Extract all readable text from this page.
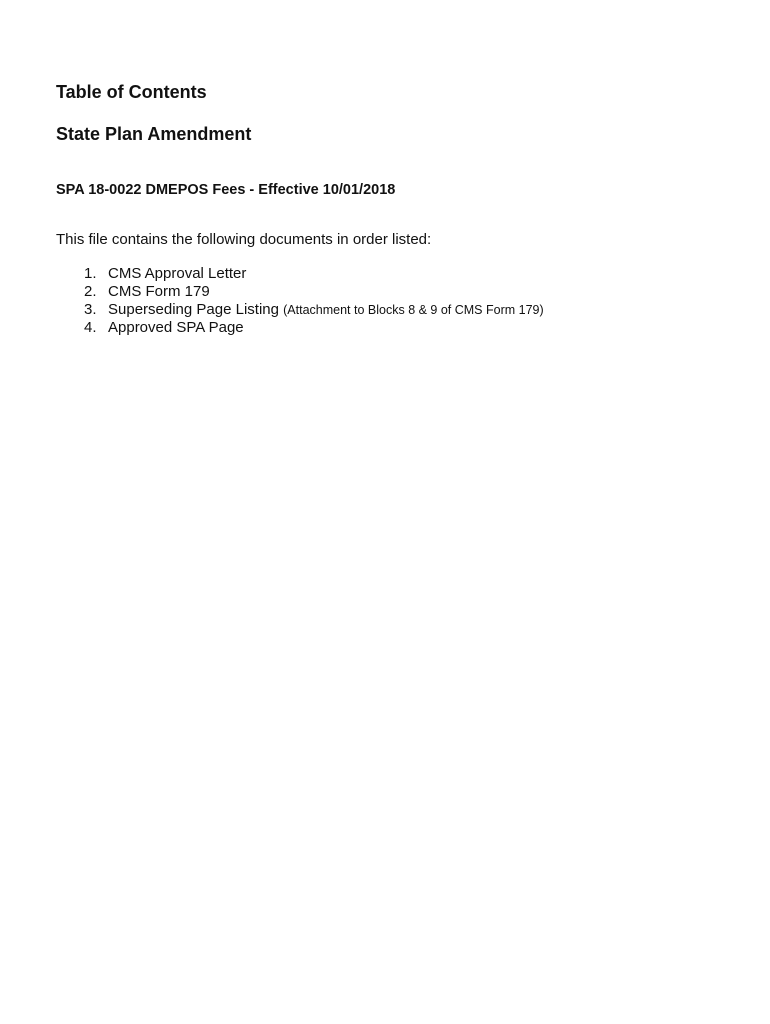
Table of Contents
State Plan Amendment
SPA 18-0022 DMEPOS Fees - Effective 10/01/2018
This file contains the following documents in order listed:
1. CMS Approval Letter
2. CMS Form 179
3. Superseding Page Listing (Attachment to Blocks 8 & 9 of CMS Form 179)
4. Approved SPA Page
